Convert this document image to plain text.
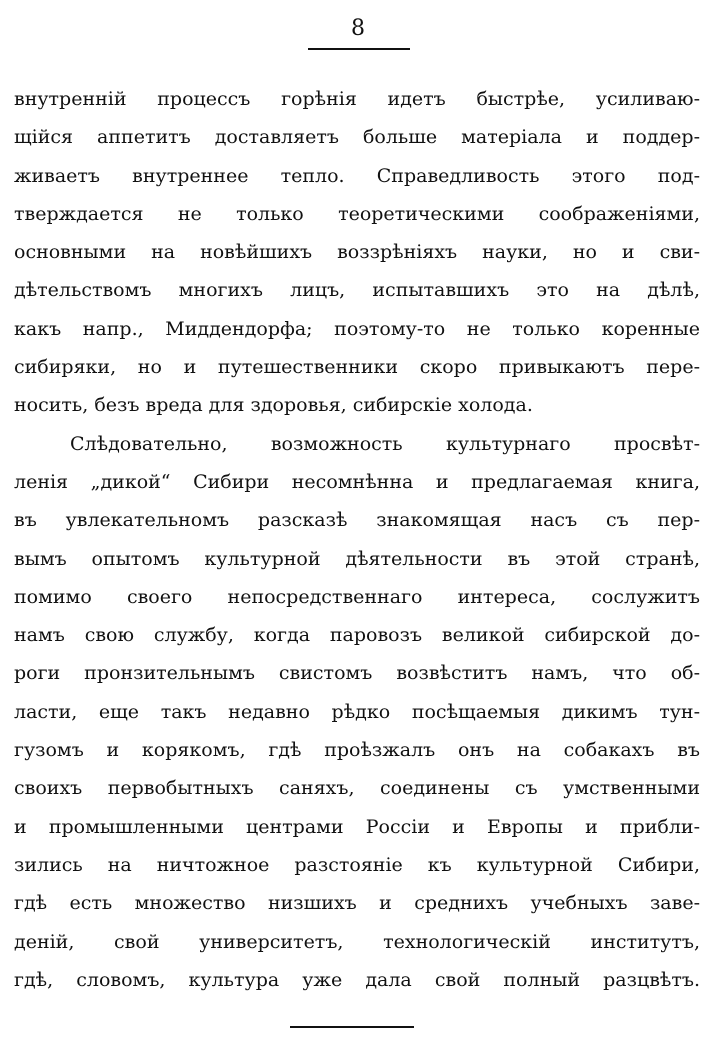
8
внутренній процессъ горѣнія идетъ быстрѣе, усиливаю-
щійся аппетитъ доставляетъ больше матеріала и поддер-
живаетъ внутреннее тепло. Справедливость этого под-
тверждается не только теоретическими соображеніями,
основными на новѣйшихъ воззрѣніяхъ науки, но и сви-
дѣтельствомъ многихъ лицъ, испытавшихъ это на дѣлѣ,
какъ напр., Миддендорфа; поэтому-то не только коренные
сибиряки, но и путешественники скоро привыкаютъ пере-
носить, безъ вреда для здоровья, сибирскіе холода.
Слѣдовательно, возможность культурнаго просвѣт-
ленія „дикой“ Сибири несомнѣнна и предлагаемая книга,
въ увлекательномъ разсказѣ знакомящая насъ съ пер-
вымъ опытомъ культурной дѣятельности въ этой странѣ,
помимо своего непосредственнаго интереса, сослужитъ
намъ свою службу, когда паровозъ великой сибирской до-
роги пронзительнымъ свистомъ возвѣститъ намъ, что об-
ласти, еще такъ недавно рѣдко посѣщаемыя дикимъ тун-
гузомъ и корякомъ, гдѣ проѣзжалъ онъ на собакахъ въ
своихъ первобытныхъ саняхъ, соединены съ умственными
и промышленными центрами Россіи и Европы и прибли-
зились на ничтожное разстояніе къ культурной Сибири,
гдѣ есть множество низшихъ и среднихъ учебныхъ заве-
деній, свой университетъ, технологическій институтъ,
гдѣ, словомъ, культура уже дала свой полный разцвѣтъ.
